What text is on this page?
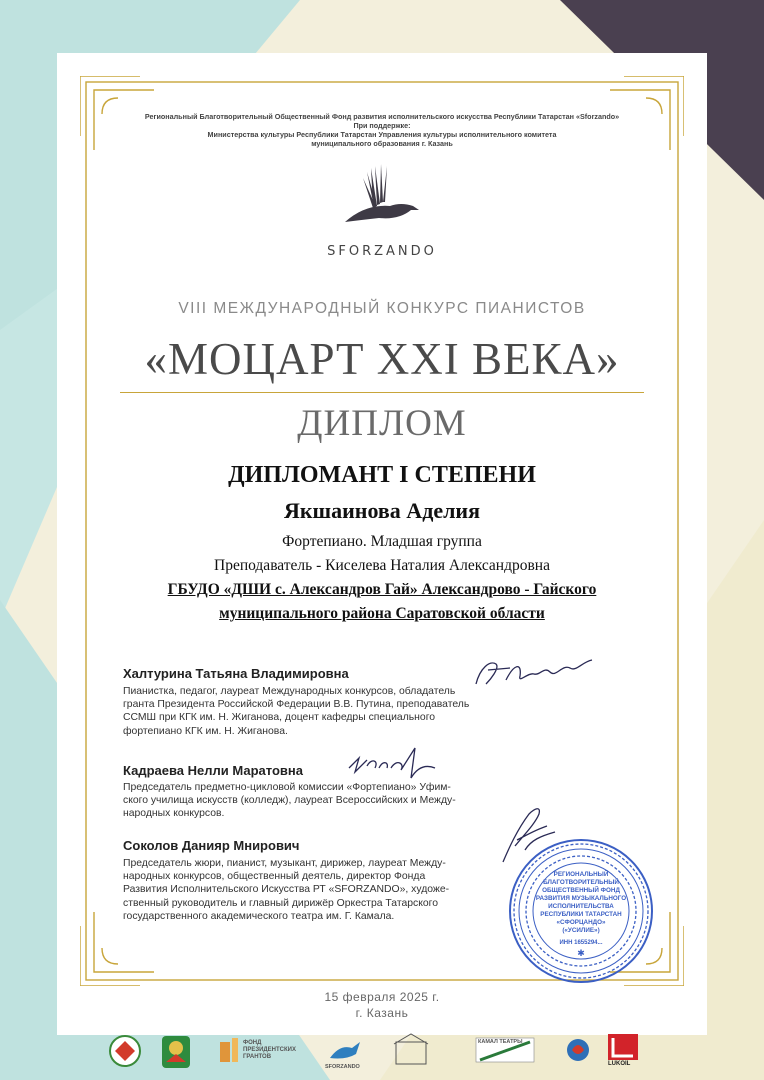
Региональный Благотворительный Общественный Фонд развития исполнительского искусства Республики Татарстан «Sforzando»
При поддержке:
Министерства культуры Республики Татарстан Управления культуры исполнительного комитета
муниципального образования г. Казань
SFORZANDO
VIII МЕЖДУНАРОДНЫЙ КОНКУРС ПИАНИСТОВ
«МОЦАРТ XXI ВЕКА»
ДИПЛОМ
ДИПЛОМАНТ I СТЕПЕНИ
Якшаинова Аделия
Фортепиано. Младшая группа
Преподаватель - Киселева Наталия Александровна
ГБУДО «ДШИ с. Александров Гай» Александрово - Гайского
муниципального района Саратовской области
Халтурина Татьяна Владимировна
Пианистка, педагог, лауреат Международных конкурсов, обладатель
гранта Президента Российской Федерации В.В. Путина, преподаватель
ССМШ при КГК им. Н. Жиганова, доцент кафедры специального
фортепиано КГК им. Н. Жиганова.
Кадраева Нелли Маратовна
Председатель предметно-цикловой комиссии «Фортепиано» Уфим-
ского училища искусств (колледж), лауреат Всероссийских и Между-
народных конкурсов.
Соколов Данияр Мнирович
Председатель жюри, пианист, музыкант, дирижер, лауреат Между-
народных конкурсов, общественный деятель, директор Фонда
Развития Исполнительского Искусства РТ «SFORZANDO», художе-
ственный руководитель и главный дирижёр Оркестра Татарского
государственного академического театра им. Г. Камала.
РЕГИОНАЛЬНЫЙ
БЛАГОТВОРИТЕЛЬНЫЙ
ОБЩЕСТВЕННЫЙ ФОНД
РАЗВИТИЯ МУЗЫКАЛЬНОГО
ИСПОЛНИТЕЛЬСТВА
РЕСПУБЛИКИ ТАТАРСТАН
«СФОРЦАНДО»
(«УСИЛИЕ»)
ИНН 1655294...
✱
15 февраля 2025 г.
г. Казань
ФОНД
ПРЕЗИДЕНТСКИХ
ГРАНТОВ
SFORZANDO
КАМАЛ ТЕАТРЫ
LUKOIL
